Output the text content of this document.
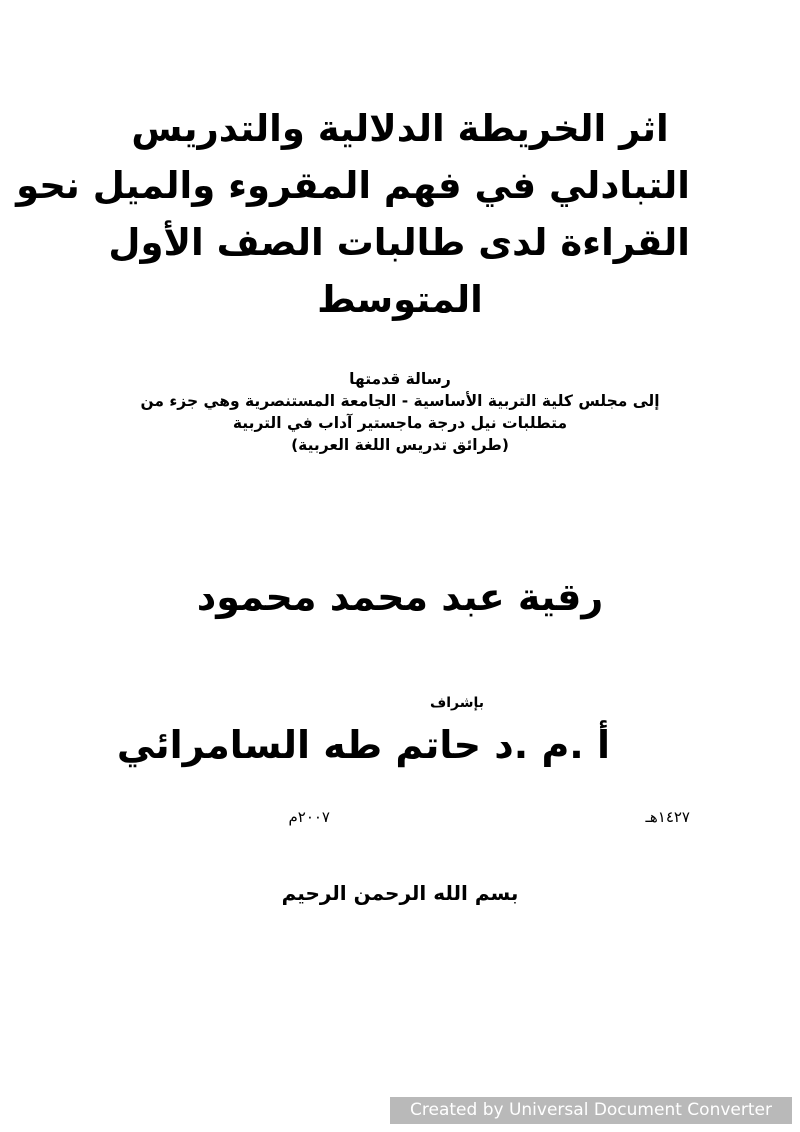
اثر الخريطة الدلالية والتدريس
التبادلي في فهم المقروء والميل نحو
القراءة لدى طالبات الصف الأول
المتوسط
رسالة قدمتها
إلى مجلس كلية التربية الأساسية - الجامعة المستنصرية وهي جزء من
متطلبات نيل درجة ماجستير آداب في التربية
(طرائق تدريس اللغة العربية)
رقية عبد محمد محمود
بإشراف
أ .م .د حاتم طه السامرائي
١٤٢٧هـ
٢٠٠٧م
بسم الله الرحمن الرحيم
Created by Universal Document Converter
